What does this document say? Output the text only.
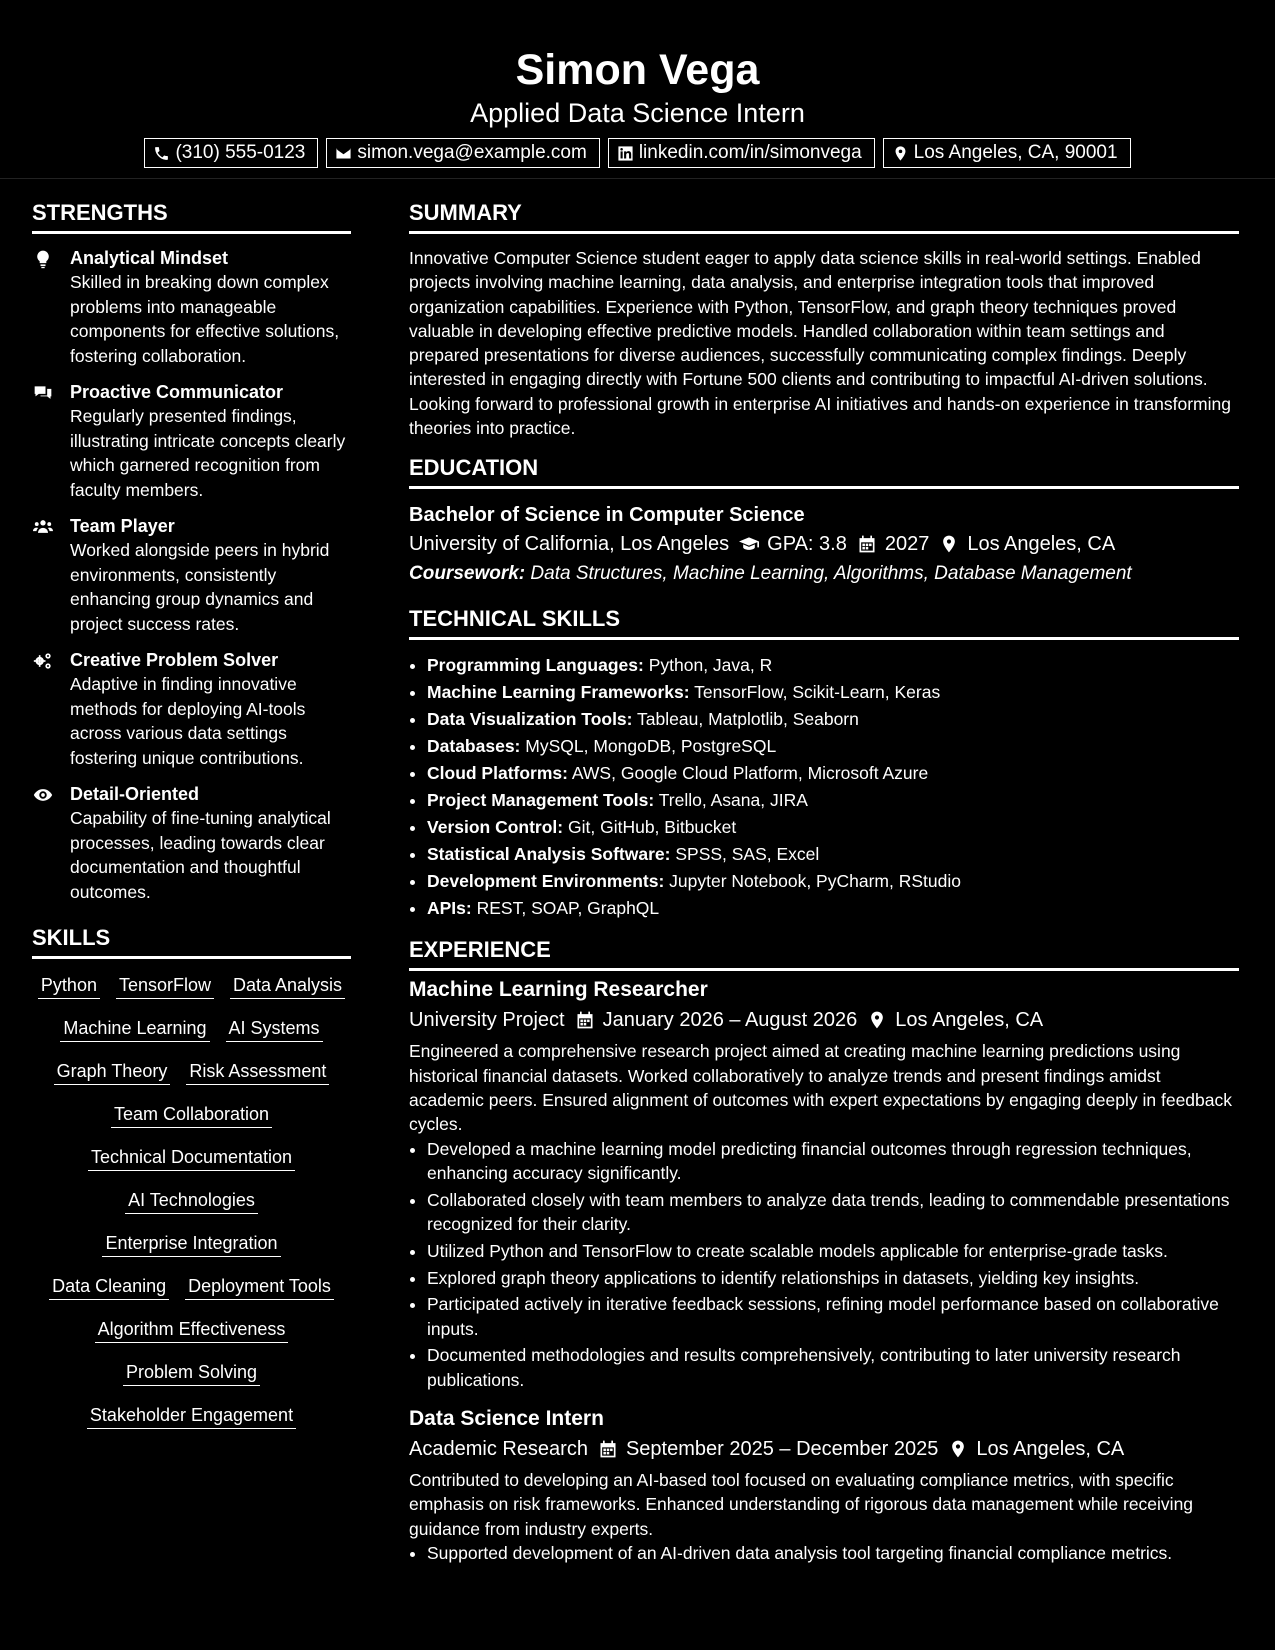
Simon Vega
Applied Data Science Intern
(310) 555-0123	simon.vega@example.com	linkedin.com/in/simonvega	Los Angeles, CA, 90001
STRENGTHS
Analytical Mindset
Skilled in breaking down complex problems into manageable components for effective solutions, fostering collaboration.
Proactive Communicator
Regularly presented findings, illustrating intricate concepts clearly which garnered recognition from faculty members.
Team Player
Worked alongside peers in hybrid environments, consistently enhancing group dynamics and project success rates.
Creative Problem Solver
Adaptive in finding innovative methods for deploying AI-tools across various data settings fostering unique contributions.
Detail-Oriented
Capability of fine-tuning analytical processes, leading towards clear documentation and thoughtful outcomes.
SKILLS
Python TensorFlow Data Analysis
Machine Learning AI Systems
Graph Theory Risk Assessment
Team Collaboration
Technical Documentation
AI Technologies
Enterprise Integration
Data Cleaning Deployment Tools
Algorithm Effectiveness
Problem Solving
Stakeholder Engagement
SUMMARY
Innovative Computer Science student eager to apply data science skills in real-world settings. Enabled projects involving machine learning, data analysis, and enterprise integration tools that improved organization capabilities. Experience with Python, TensorFlow, and graph theory techniques proved valuable in developing effective predictive models. Handled collaboration within team settings and prepared presentations for diverse audiences, successfully communicating complex findings. Deeply interested in engaging directly with Fortune 500 clients and contributing to impactful AI-driven solutions. Looking forward to professional growth in enterprise AI initiatives and hands-on experience in transforming theories into practice.
EDUCATION
Bachelor of Science in Computer Science
University of California, Los Angeles GPA: 3.8 2027 Los Angeles, CA
Coursework: Data Structures, Machine Learning, Algorithms, Database Management
TECHNICAL SKILLS
• Programming Languages: Python, Java, R
• Machine Learning Frameworks: TensorFlow, Scikit-Learn, Keras
• Data Visualization Tools: Tableau, Matplotlib, Seaborn
• Databases: MySQL, MongoDB, PostgreSQL
• Cloud Platforms: AWS, Google Cloud Platform, Microsoft Azure
• Project Management Tools: Trello, Asana, JIRA
• Version Control: Git, GitHub, Bitbucket
• Statistical Analysis Software: SPSS, SAS, Excel
• Development Environments: Jupyter Notebook, PyCharm, RStudio
• APIs: REST, SOAP, GraphQL
EXPERIENCE
Machine Learning Researcher
University Project January 2026 – August 2026 Los Angeles, CA
Engineered a comprehensive research project aimed at creating machine learning predictions using historical financial datasets. Worked collaboratively to analyze trends and present findings amidst academic peers. Ensured alignment of outcomes with expert expectations by engaging deeply in feedback cycles.
• Developed a machine learning model predicting financial outcomes through regression techniques, enhancing accuracy significantly.
• Collaborated closely with team members to analyze data trends, leading to commendable presentations recognized for their clarity.
• Utilized Python and TensorFlow to create scalable models applicable for enterprise-grade tasks.
• Explored graph theory applications to identify relationships in datasets, yielding key insights.
• Participated actively in iterative feedback sessions, refining model performance based on collaborative inputs.
• Documented methodologies and results comprehensively, contributing to later university research publications.
Data Science Intern
Academic Research September 2025 – December 2025 Los Angeles, CA
Contributed to developing an AI-based tool focused on evaluating compliance metrics, with specific emphasis on risk frameworks. Enhanced understanding of rigorous data management while receiving guidance from industry experts.
• Supported development of an AI-driven data analysis tool targeting financial compliance metrics.
